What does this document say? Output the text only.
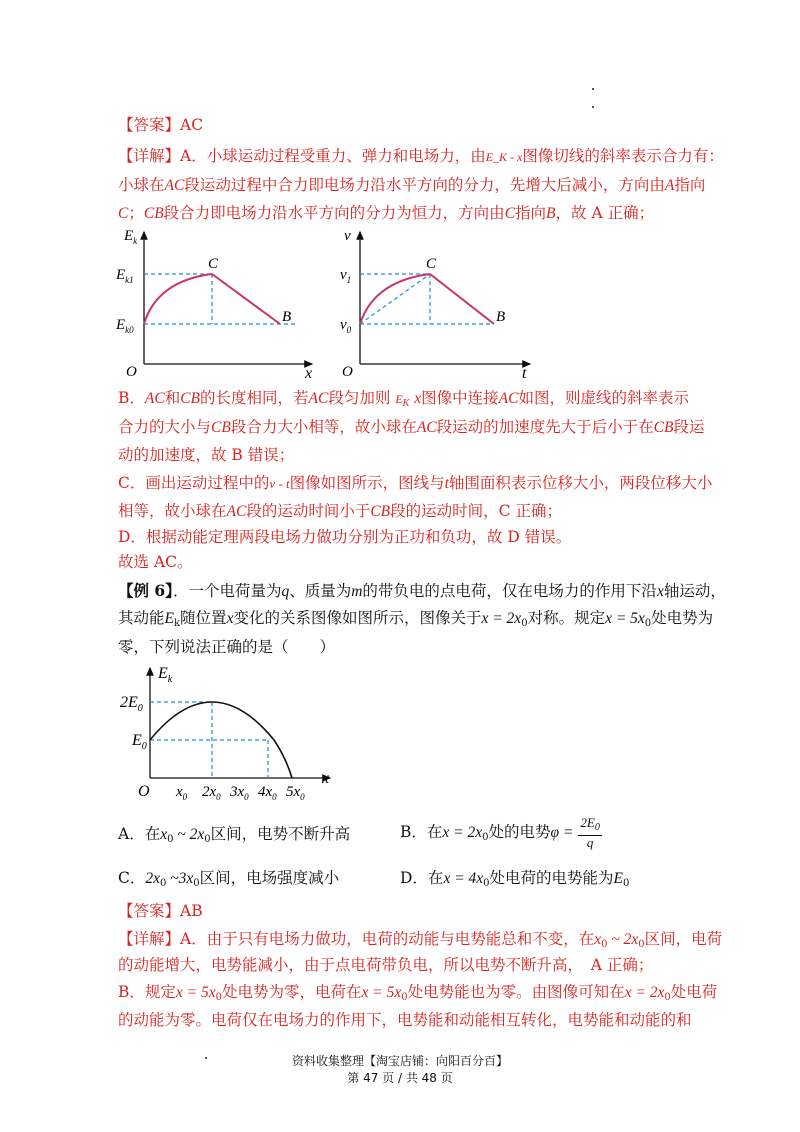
【答案】AC
【详解】A．小球运动过程受重力、弹力和电场力，由E_K - x图像切线的斜率表示合力有：
小球在AC段运动过程中合力即电场力沿水平方向的分力，先增大后减小，方向由A指向
C；CB段合力即电场力沿水平方向的分力为恒力，方向由C指向B，故 A 正确；
$E_k$
$E_{k1}$
$E_{k0}$
O	x
C
B
v
$v_1$
$v_0$
O	t
C
B
B．AC和CB的长度相同，若AC段匀加则 $E_K$ x图像中连接AC如图，则虚线的斜率表示
合力的大小与CB段合力大小相等，故小球在AC段运动的加速度先大于后小于在CB段运
动的加速度，故 B 错误；
C．画出运动过程中的v - t图像如图所示，图线与t轴围面积表示位移大小，两段位移大小
相等，故小球在AC段的运动时间小于CB段的运动时间，C 正确；
D．根据动能定理两段电场力做功分别为正功和负功，故 D 错误。
故选 AC。
【例 6】．一个电荷量为q、质量为m的带负电的点电荷，仅在电场力的作用下沿x轴运动，
其动能$E_k$随位置x变化的关系图像如图所示，图像关于$x = 2x_0$对称。规定$x = 5x_0$处电势为
零，下列说法正确的是（　　）
$E_k$
$2E_0$
$E_0$
O
x
$x_0$ $2x_0$ $3x_0$ $4x_0$ $5x_0$
A．在$x_0$ ~ $2x_0$区间，电势不断升高	B．在$x = 2x_0$处的电势$\varphi = \frac{2E_0}{q}$
C．$2x_0$ $\sim 3x_0$区间，电场强度减小	D．在$x = 4x_0$处电荷的电势能为$E_0$
【答案】AB
【详解】A．由于只有电场力做功，电荷的动能与电势能总和不变，在$x_0$ ~ $2x_0$区间，电荷
的动能增大，电势能减小，由于点电荷带负电，所以电势不断升高，　A 正确；
B．规定$x = 5x_0$处电势为零，电荷在$x = 5x_0$处电势能也为零。由图像可知在$x = 2x_0$处电荷
的动能为零。电荷仅在电场力的作用下，电势能和动能相互转化，电势能和动能的和
资料收集整理【淘宝店铺：向阳百分百】
第 47 页 / 共 48 页
